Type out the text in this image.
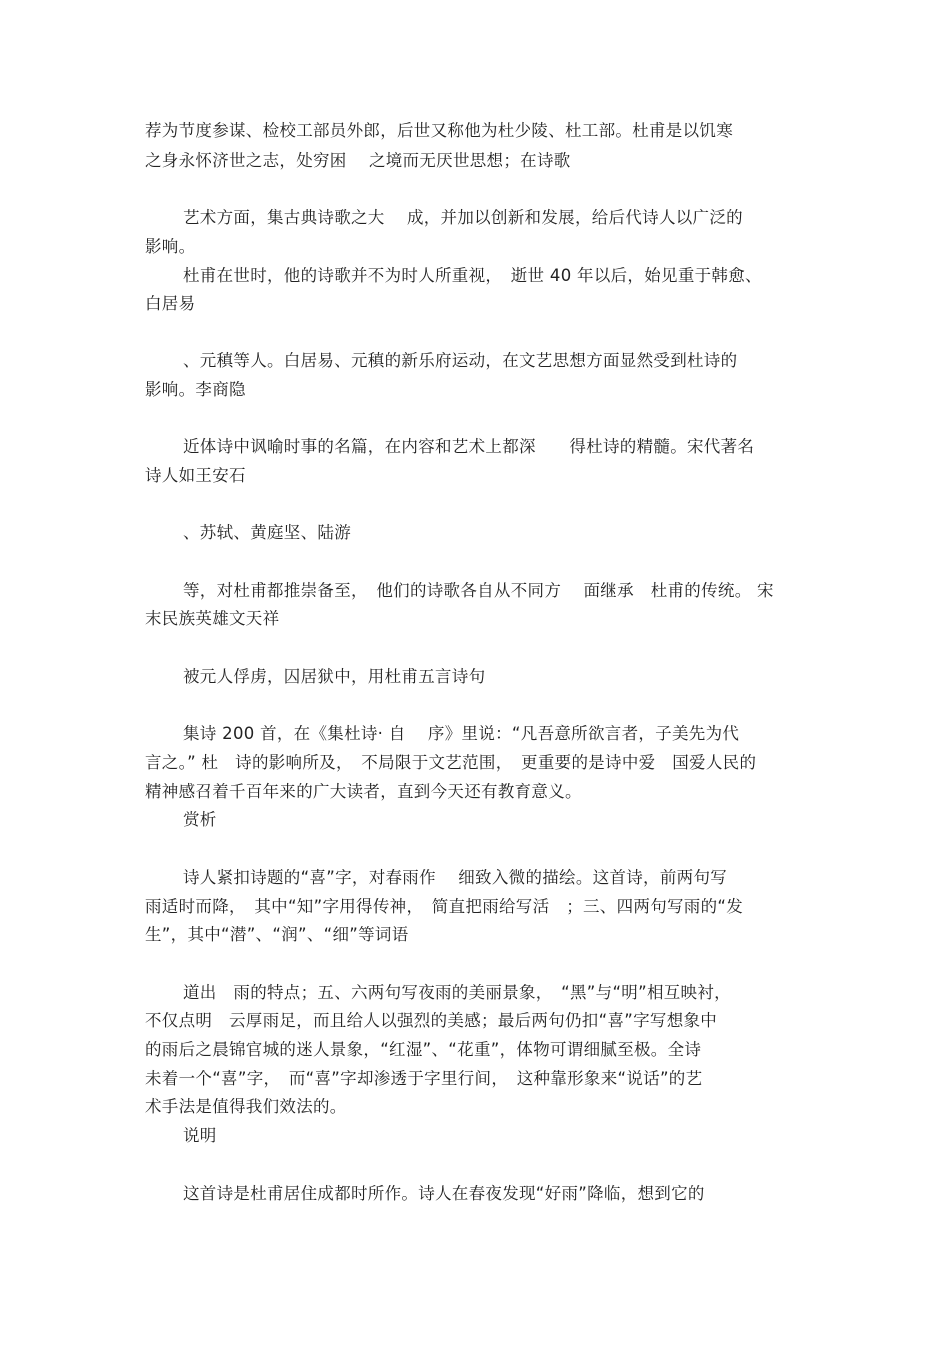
荐为节度参谋、检校工部员外郎，后世又称他为杜少陵、杜工部。杜甫是以饥寒
之身永怀济世之志，处穷困　 之境而无厌世思想；在诗歌
艺术方面，集古典诗歌之大　 成，并加以创新和发展，给后代诗人以广泛的
影响。
杜甫在世时，他的诗歌并不为时人所重视，　逝世 40 年以后，始见重于韩愈、
白居易
、元稹等人。白居易、元稹的新乐府运动，在文艺思想方面显然受到杜诗的
影响。李商隐
近体诗中讽喻时事的名篇，在内容和艺术上都深　　得杜诗的精髓。宋代著名
诗人如王安石
、苏轼、黄庭坚、陆游
等，对杜甫都推崇备至，　他们的诗歌各自从不同方　 面继承　杜甫的传统。 宋
末民族英雄文天祥
被元人俘虏，囚居狱中，用杜甫五言诗句
集诗 200 首，在《集杜诗· 自　 序》里说：“凡吾意所欲言者，子美先为代
言之。” 杜　诗的影响所及，　不局限于文艺范围，　更重要的是诗中爱　国爱人民的
精神感召着千百年来的广大读者，直到今天还有教育意义。
赏析
诗人紧扣诗题的“喜”字，对春雨作　 细致入微的描绘。这首诗，前两句写
雨适时而降，　其中“知”字用得传神，　简直把雨给写活　；三、四两句写雨的“发
生”，其中“潜”、“润”、“细”等词语
道出　雨的特点；五、六两句写夜雨的美丽景象，　“黑”与“明”相互映衬，
不仅点明　云厚雨足，而且给人以强烈的美感；最后两句仍扣“喜”字写想象中
的雨后之晨锦官城的迷人景象，“红湿”、“花重”，体物可谓细腻至极。全诗
未着一个“喜”字，　而“喜”字却渗透于字里行间，　这种靠形象来“说话”的艺
术手法是值得我们效法的。
说明
这首诗是杜甫居住成都时所作。诗人在春夜发现“好雨”降临，想到它的
